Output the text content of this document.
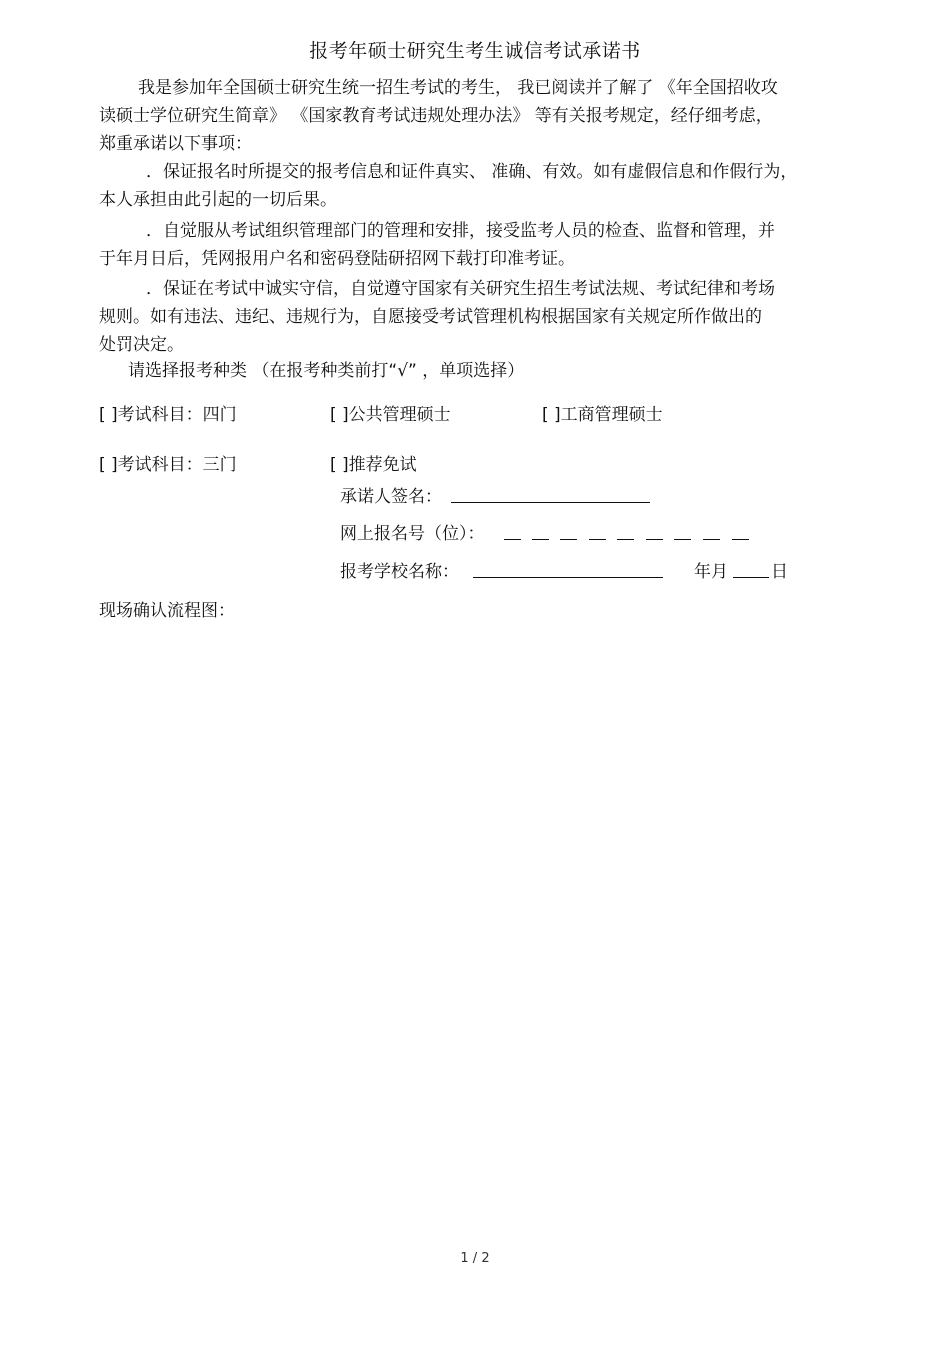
报考年硕士研究生考生诚信考试承诺书
我是参加年全国硕士研究生统一招生考试的考生， 我已阅读并了解了 《年全国招收攻
读硕士学位研究生简章》 《国家教育考试违规处理办法》 等有关报考规定，经仔细考虑，
郑重承诺以下事项：
．保证报名时所提交的报考信息和证件真实、 准确、有效。如有虚假信息和作假行为，
本人承担由此引起的一切后果。
．自觉服从考试组织管理部门的管理和安排，接受监考人员的检查、监督和管理，并
于年月日后，凭网报用户名和密码登陆研招网下载打印准考证。
．保证在考试中诚实守信，自觉遵守国家有关研究生招生考试法规、考试纪律和考场
规则。如有违法、违纪、违规行为，自愿接受考试管理机构根据国家有关规定所作做出的
处罚决定。
请选择报考种类 （在报考种类前打“√” ，单项选择）
[ ]考试科目：四门	[ ]公共管理硕士	[ ]工商管理硕士
[ ]考试科目：三门	[ ]推荐免试
承诺人签名：
网上报名号（位）：
报考学校名称：	年月	日
现场确认流程图：
1 / 2
